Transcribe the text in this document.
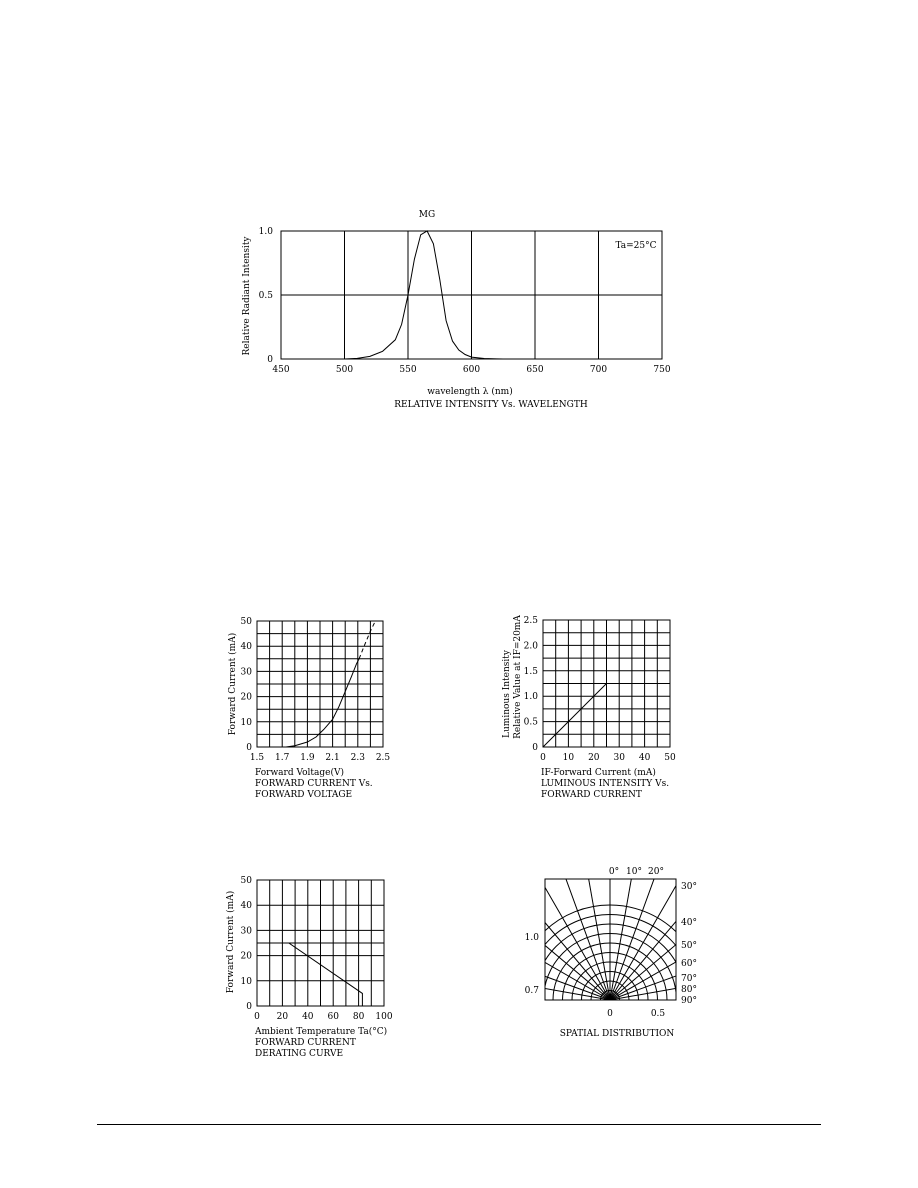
MG
Ta=25°C
450	500	550	600	650	700	750
0
0.5
1.0
Relative Radiant Intensity
wavelength λ (nm)
RELATIVE INTENSITY Vs. WAVELENGTH
1.5 1.7 1.9 2.1 2.3 2.5
0
10
20
30
40
50
Forward Current (mA)
Forward Voltage(V)
FORWARD CURRENT Vs.
FORWARD VOLTAGE
0 10 20 30 40 50
0
0.5
1.0
1.5
2.0
2.5
Luminous Intensity Relative Value at IF=20mA
IF-Forward Current (mA)
LUMINOUS INTENSITY Vs.
FORWARD CURRENT
0 20 40 60 80 100
0
10
20
30
40
50
Forward Current (mA)
Ambient Temperature Ta(°C)
FORWARD CURRENT
DERATING CURVE
0° 10° 20°
30°
40°
50°
60°
70°
80°
90°
1.0
0.7
0	0.5
SPATIAL DISTRIBUTION
